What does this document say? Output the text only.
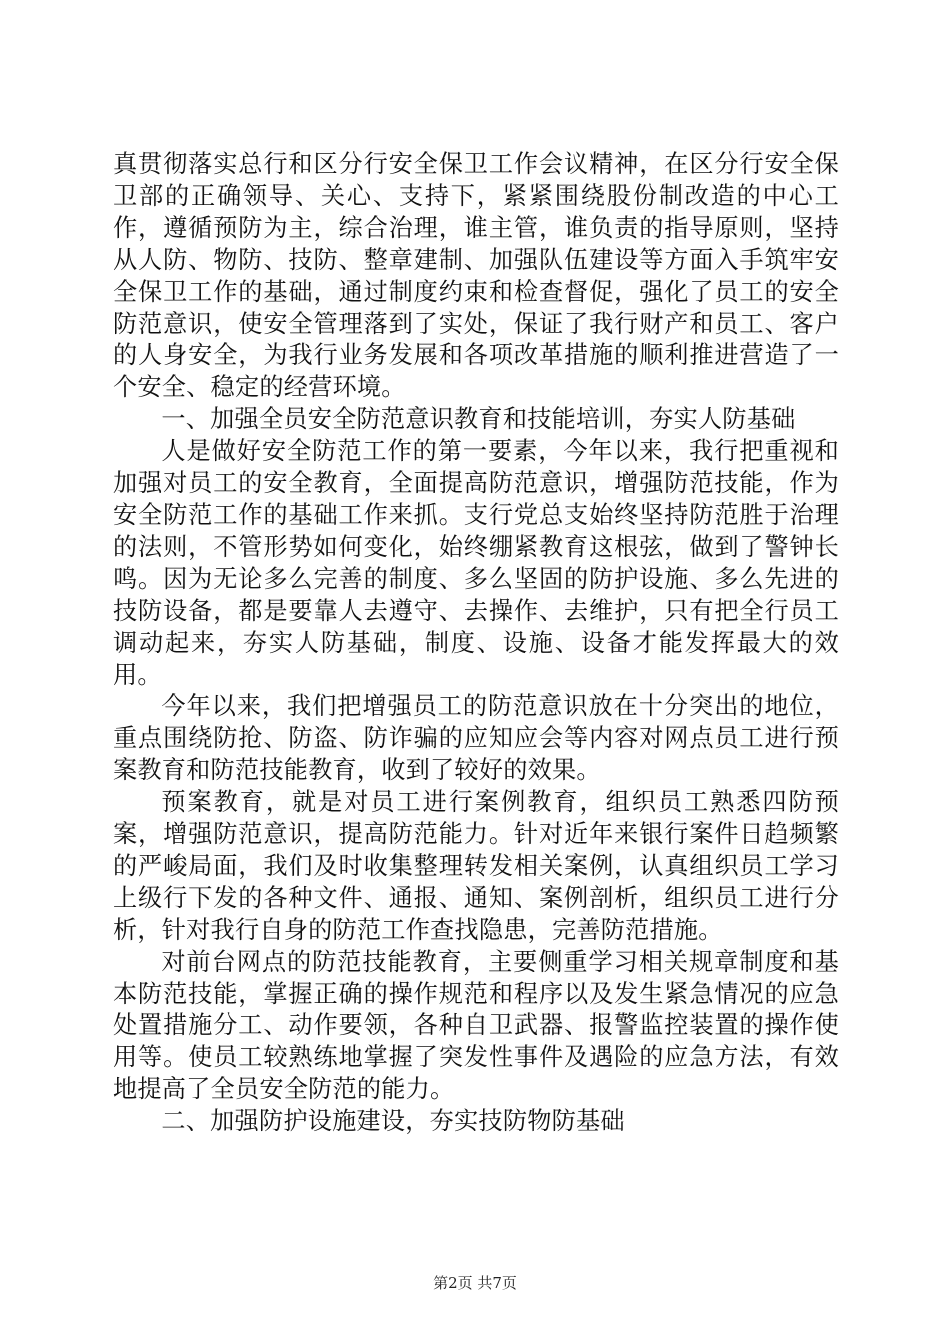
真贯彻落实总行和区分行安全保卫工作会议精神，在区分行安全保卫部的正确领导、关心、支持下，紧紧围绕股份制改造的中心工作，遵循预防为主，综合治理，谁主管，谁负责的指导原则，坚持从人防、物防、技防、整章建制、加强队伍建设等方面入手筑牢安全保卫工作的基础，通过制度约束和检查督促，强化了员工的安全防范意识，使安全管理落到了实处，保证了我行财产和员工、客户的人身安全，为我行业务发展和各项改革措施的顺利推进营造了一个安全、稳定的经营环境。

一、加强全员安全防范意识教育和技能培训，夯实人防基础

人是做好安全防范工作的第一要素，今年以来，我行把重视和加强对员工的安全教育，全面提高防范意识，增强防范技能，作为安全防范工作的基础工作来抓。支行党总支始终坚持防范胜于治理的法则，不管形势如何变化，始终绷紧教育这根弦，做到了警钟长鸣。因为无论多么完善的制度、多么坚固的防护设施、多么先进的技防设备，都是要靠人去遵守、去操作、去维护，只有把全行员工调动起来，夯实人防基础，制度、设施、设备才能发挥最大的效用。

今年以来，我们把增强员工的防范意识放在十分突出的地位，重点围绕防抢、防盗、防诈骗的应知应会等内容对网点员工进行预案教育和防范技能教育，收到了较好的效果。

预案教育，就是对员工进行案例教育，组织员工熟悉四防预案，增强防范意识，提高防范能力。针对近年来银行案件日趋频繁的严峻局面，我们及时收集整理转发相关案例，认真组织员工学习上级行下发的各种文件、通报、通知、案例剖析，组织员工进行分析，针对我行自身的防范工作查找隐患，完善防范措施。

对前台网点的防范技能教育，主要侧重学习相关规章制度和基本防范技能，掌握正确的操作规范和程序以及发生紧急情况的应急处置措施分工、动作要领，各种自卫武器、报警监控装置的操作使用等。使员工较熟练地掌握了突发性事件及遇险的应急方法，有效地提高了全员安全防范的能力。

二、加强防护设施建设，夯实技防物防基础

第2页 共7页
